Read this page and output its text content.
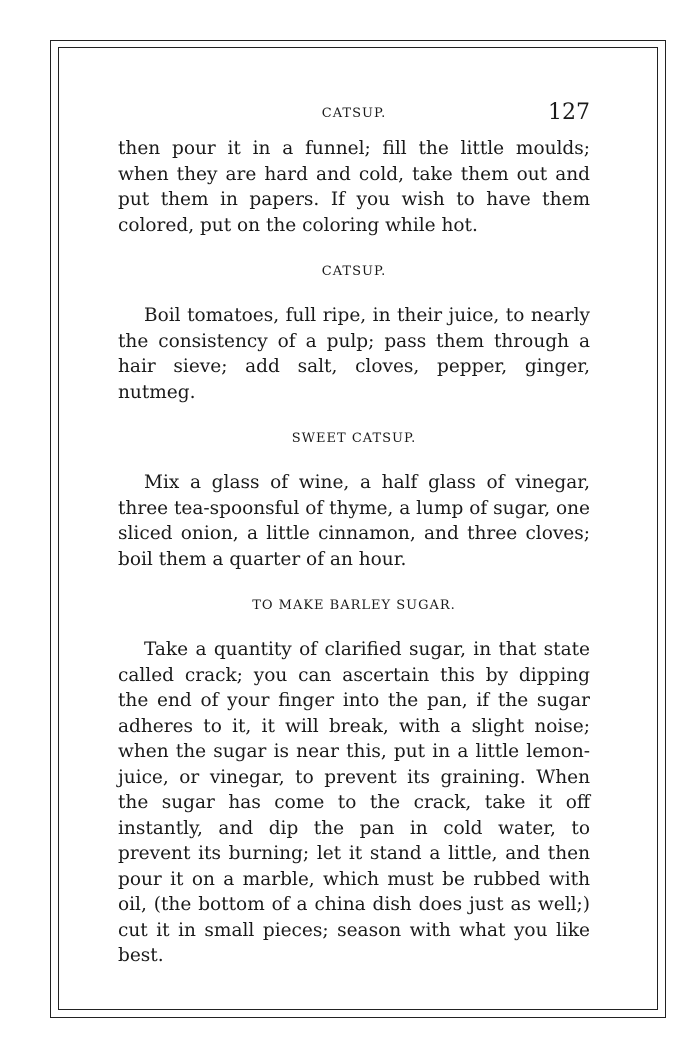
CATSUP.	127

then pour it in a funnel; fill the little moulds; when they are hard and cold, take them out and put them in papers. If you wish to have them colored, put on the coloring while hot.

CATSUP.

Boil tomatoes, full ripe, in their juice, to nearly the consistency of a pulp; pass them through a hair sieve; add salt, cloves, pepper, ginger, nutmeg.

SWEET CATSUP.

Mix a glass of wine, a half glass of vinegar, three tea-spoonsful of thyme, a lump of sugar, one sliced onion, a little cinnamon, and three cloves; boil them a quarter of an hour.

TO MAKE BARLEY SUGAR.

Take a quantity of clarified sugar, in that state called crack; you can ascertain this by dipping the end of your finger into the pan, if the sugar adheres to it, it will break, with a slight noise; when the sugar is near this, put in a little lemon-juice, or vinegar, to prevent its graining. When the sugar has come to the crack, take it off instantly, and dip the pan in cold water, to prevent its burning; let it stand a little, and then pour it on a marble, which must be rubbed with oil, (the bottom of a china dish does just as well;) cut it in small pieces; season with what you like best.
